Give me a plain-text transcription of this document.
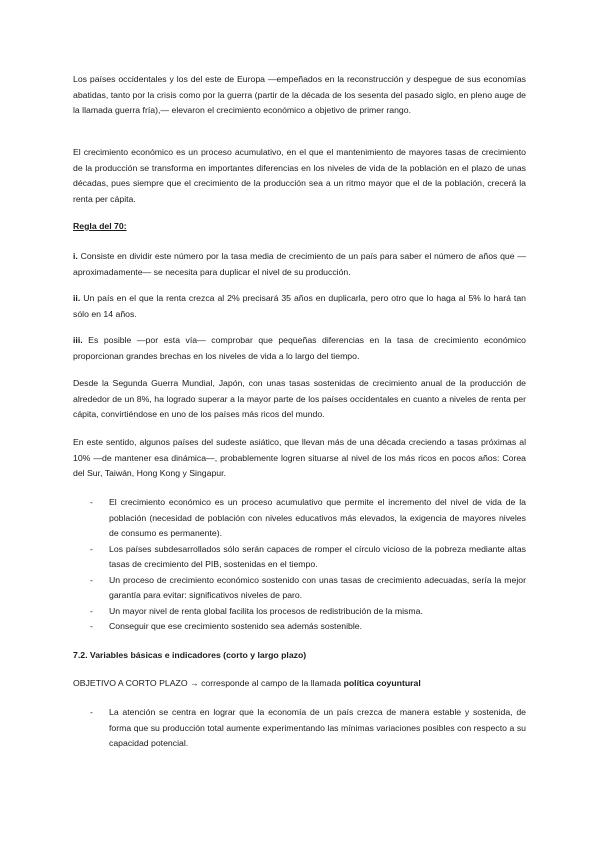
Los países occidentales y los del este de Europa —empeñados en la reconstrucción y despegue de sus economías abatidas, tanto por la crisis como por la guerra (partir de la década de los sesenta del pasado siglo, en pleno auge de la llamada guerra fría),— elevaron el crecimiento económico a objetivo de primer rango.

El crecimiento económico es un proceso acumulativo, en el que el mantenimiento de mayores tasas de crecimiento de la producción se transforma en importantes diferencias en los niveles de vida de la población en el plazo de unas décadas, pues siempre que el crecimiento de la producción sea a un ritmo mayor que el de la población, crecerá la renta per cápita.

Regla del 70:

i. Consiste en dividir este número por la tasa media de crecimiento de un país para saber el número de años que —aproximadamente— se necesita para duplicar el nivel de su producción.

ii. Un país en el que la renta crezca al 2% precisará 35 años en duplicarla, pero otro que lo haga al 5% lo hará tan sólo en 14 años.

iii. Es posible —por esta vía— comprobar que pequeñas diferencias en la tasa de crecimiento económico proporcionan grandes brechas en los niveles de vida a lo largo del tiempo.

Desde la Segunda Guerra Mundial, Japón, con unas tasas sostenidas de crecimiento anual de la producción de alrededor de un 8%, ha logrado superar a la mayor parte de los países occidentales en cuanto a niveles de renta per cápita, convirtiéndose en uno de los países más ricos del mundo.

En este sentido, algunos países del sudeste asiático, que llevan más de una década creciendo a tasas próximas al 10% —de mantener esa dinámica—, probablemente logren situarse al nivel de los más ricos en pocos años: Corea del Sur, Taiwán, Hong Kong y Singapur.

- El crecimiento económico es un proceso acumulativo que permite el incremento del nivel de vida de la población (necesidad de población con niveles educativos más elevados, la exigencia de mayores niveles de consumo es permanente).
- Los países subdesarrollados sólo serán capaces de romper el círculo vicioso de la pobreza mediante altas tasas de crecimiento del PIB, sostenidas en el tiempo.
- Un proceso de crecimiento económico sostenido con unas tasas de crecimiento adecuadas, sería la mejor garantía para evitar: significativos niveles de paro.
- Un mayor nivel de renta global facilita los procesos de redistribución de la misma.
- Conseguir que ese crecimiento sostenido sea además sostenible.
7.2. Variables básicas e indicadores (corto y largo plazo)
OBJETIVO A CORTO PLAZO → corresponde al campo de la llamada política coyuntural
- La atención se centra en lograr que la economía de un país crezca de manera estable y sostenida, de forma que su producción total aumente experimentando las mínimas variaciones posibles con respecto a su capacidad potencial.
